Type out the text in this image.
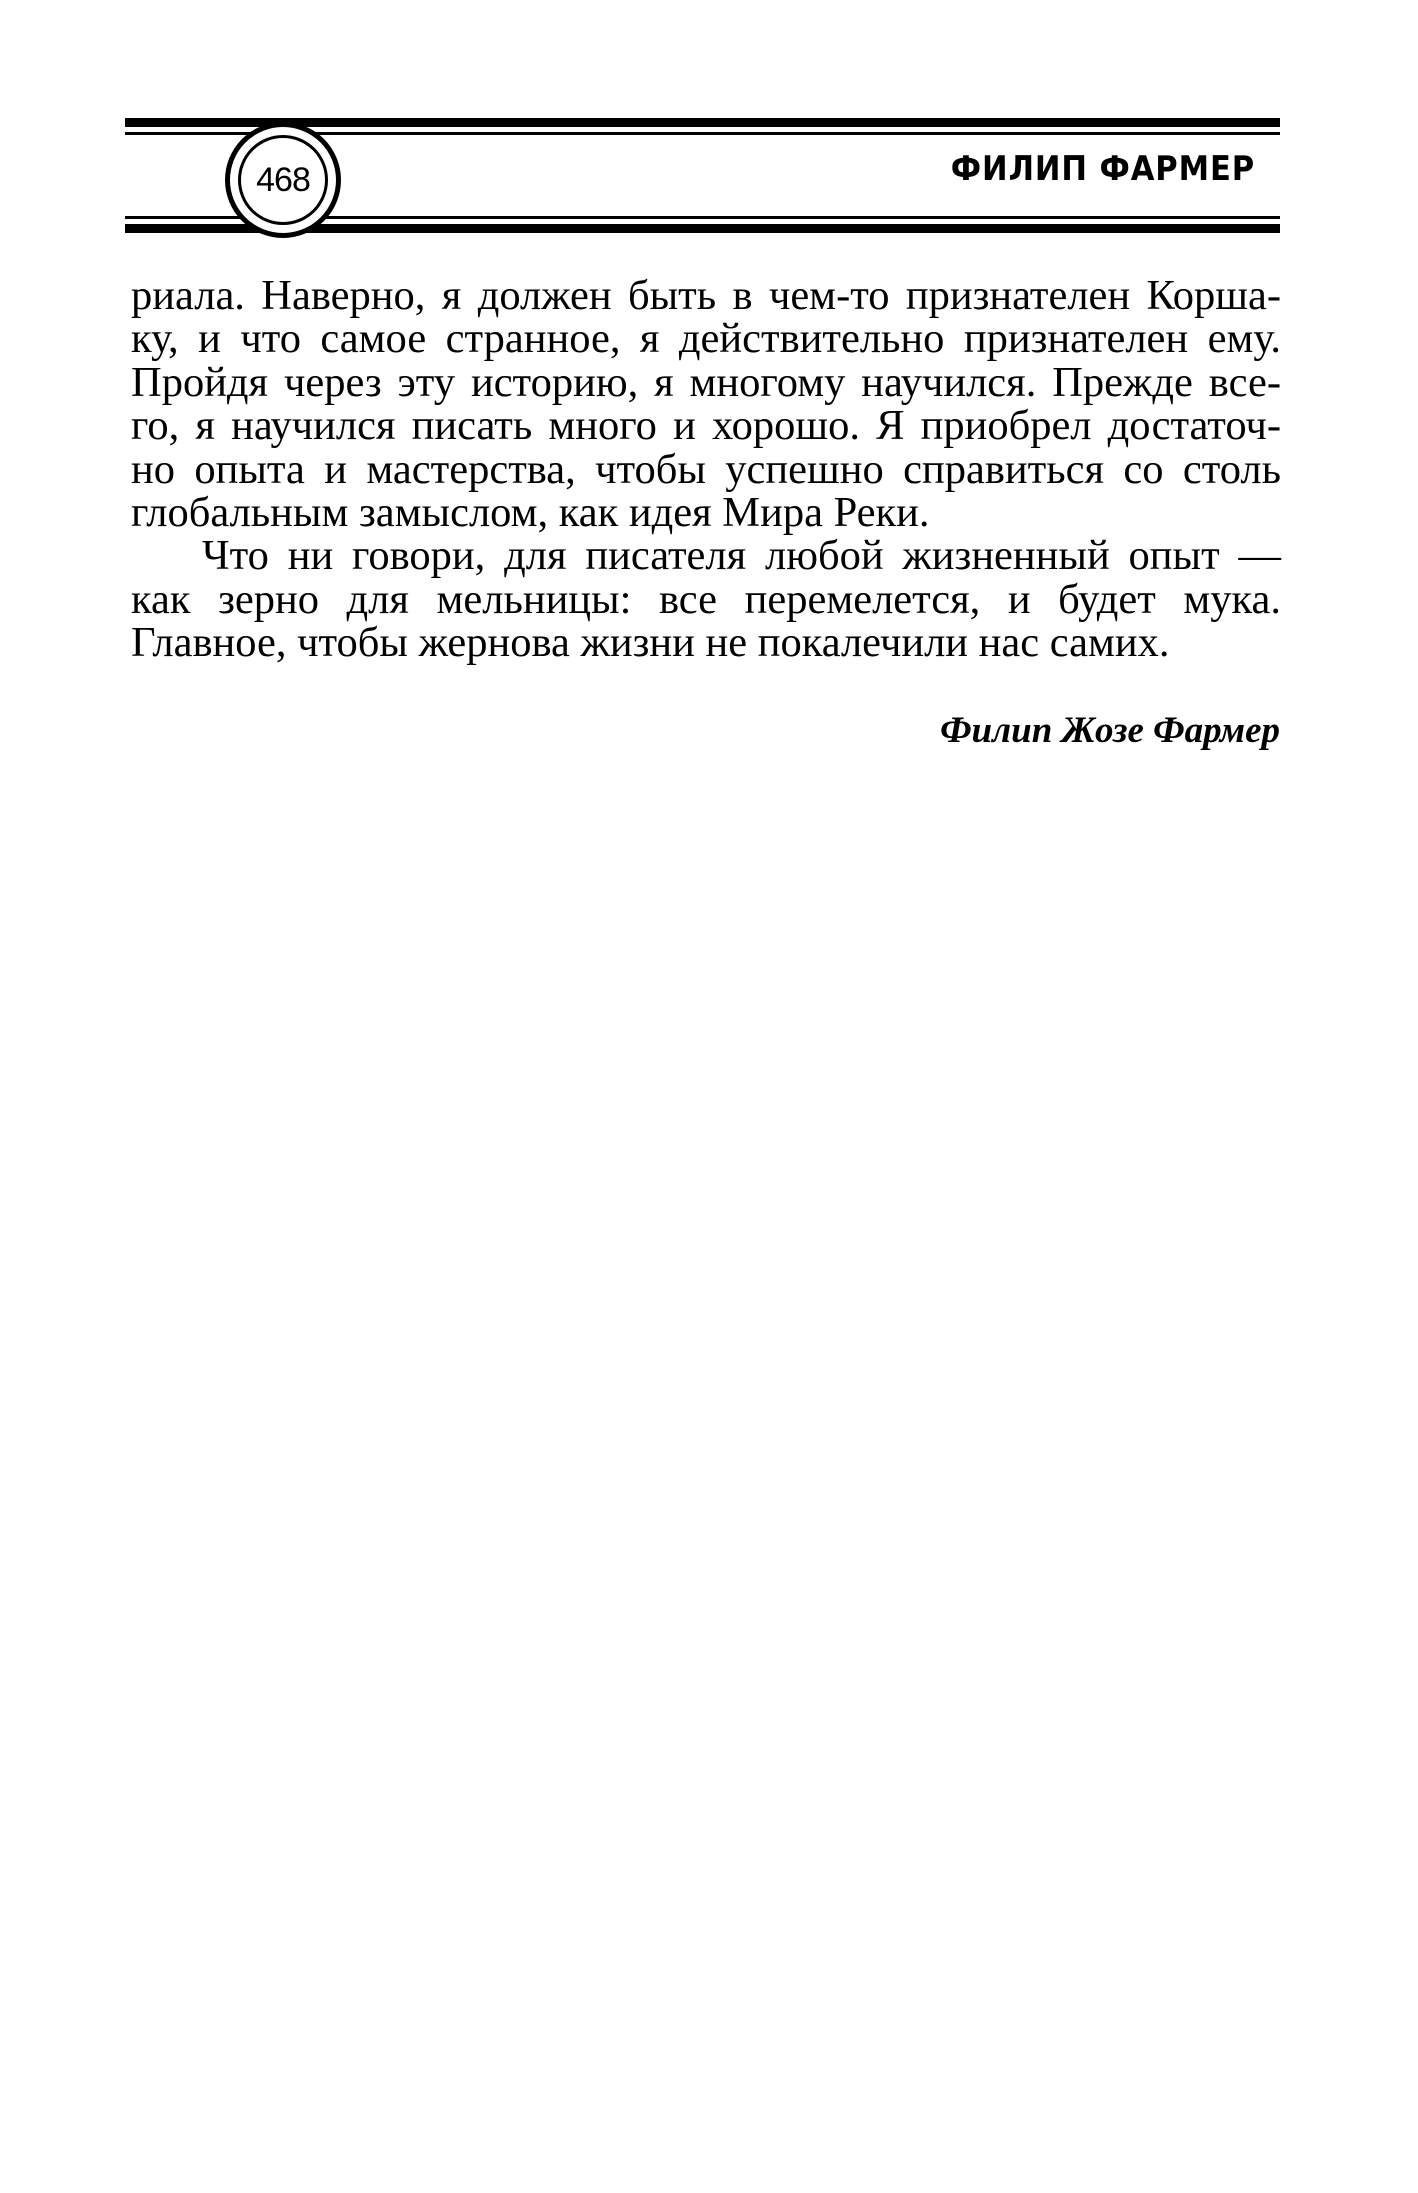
468	ФИЛИП ФАРМЕР

риала. Наверно, я должен быть в чем-то признателен Корша-
ку, и что самое странное, я действительно признателен ему.
Пройдя через эту историю, я многому научился. Прежде все-
го, я научился писать много и хорошо. Я приобрел достаточ-
но опыта и мастерства, чтобы успешно справиться со столь
глобальным замыслом, как идея Мира Реки.

Что ни говори, для писателя любой жизненный опыт —
как зерно для мельницы: все перемелется, и будет мука.
Главное, чтобы жернова жизни не покалечили нас самих.

Филип Жозе Фармер
